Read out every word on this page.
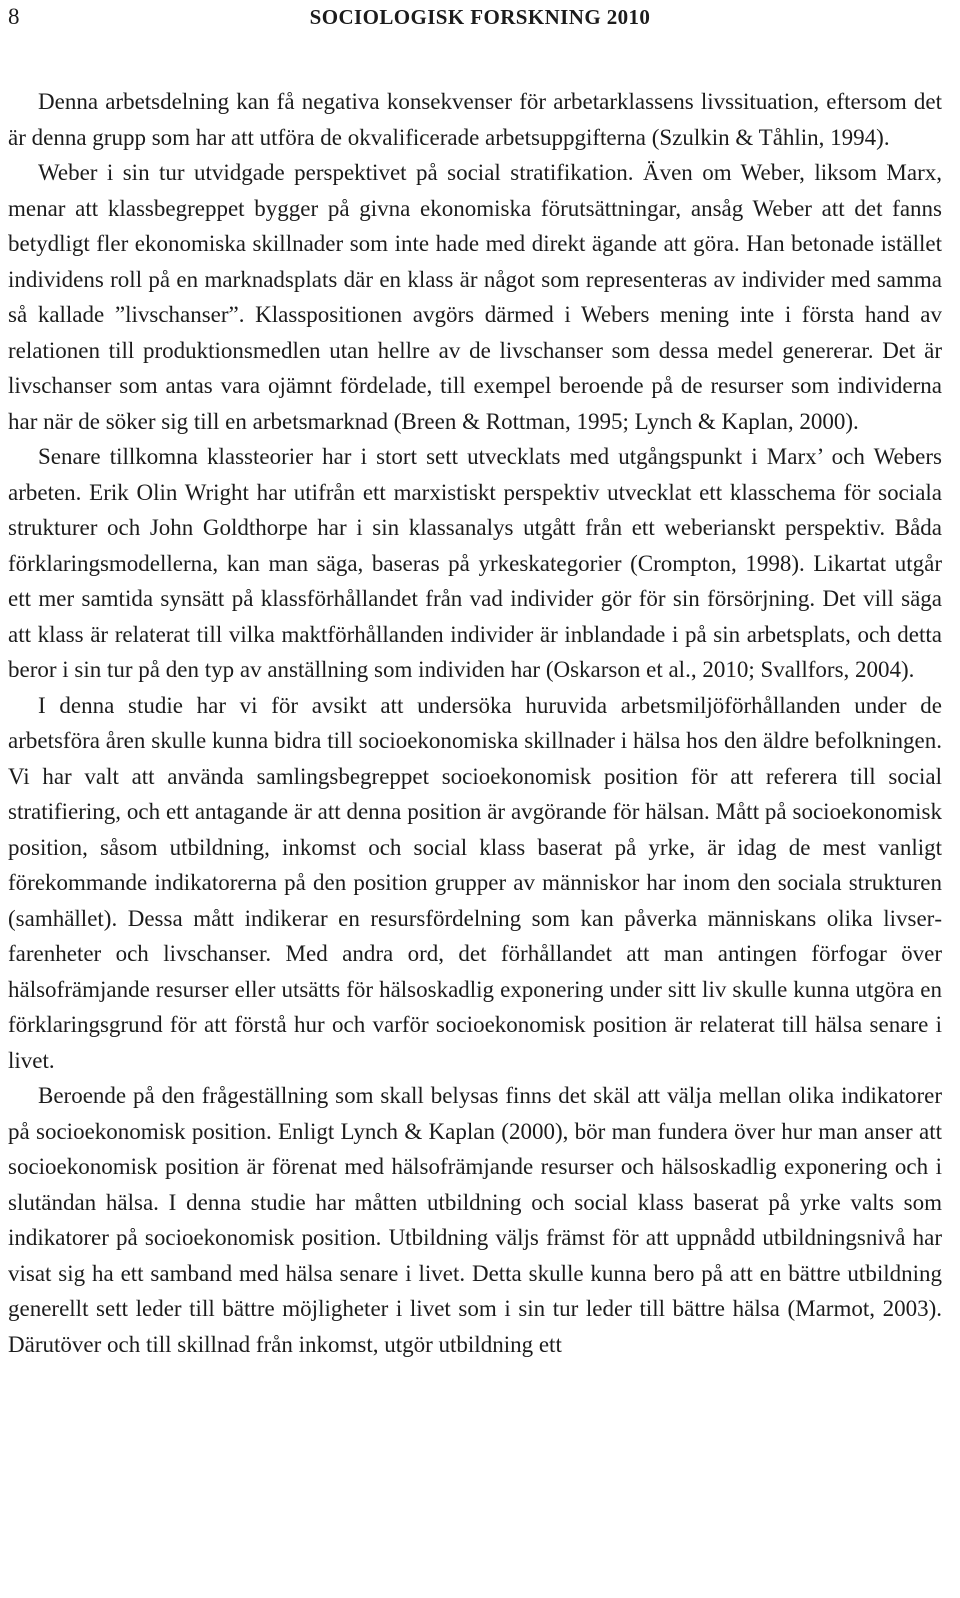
8	SOCIOLOGISK FORSKNING 2010

Denna arbetsdelning kan få negativa konsekvenser för arbetarklassens livssituation, eftersom det är denna grupp som har att utföra de okvalificerade arbetsuppgifterna (Szulkin & Tåhlin, 1994).

Weber i sin tur utvidgade perspektivet på social stratifikation. Även om Weber, liksom Marx, menar att klassbegreppet bygger på givna ekonomiska förutsättningar, ansåg Weber att det fanns betydligt fler ekonomiska skillnader som inte hade med direkt ägande att göra. Han betonade istället individens roll på en marknadsplats där en klass är något som representeras av individer med samma så kallade ”livschanser”. Klasspositionen avgörs därmed i Webers mening inte i första hand av relationen till produktionsmedlen utan hellre av de livschanser som dessa medel genererar. Det är livschanser som antas vara ojämnt fördelade, till exempel beroende på de resurser som individerna har när de söker sig till en arbetsmarknad (Breen & Rottman, 1995; Lynch & Kaplan, 2000).

Senare tillkomna klassteorier har i stort sett utvecklats med utgångspunkt i Marx’ och Webers arbeten. Erik Olin Wright har utifrån ett marxistiskt perspektiv utvecklat ett klasschema för sociala strukturer och John Goldthorpe har i sin klassanalys utgått från ett weberianskt perspektiv. Båda förklaringsmodellerna, kan man säga, baseras på yrkeskategorier (Crompton, 1998). Likartat utgår ett mer samtida synsätt på klassförhållandet från vad individer gör för sin försörjning. Det vill säga att klass är relaterat till vilka maktförhållanden individer är inblandade i på sin arbetsplats, och detta beror i sin tur på den typ av anställning som individen har (Oskarson et al., 2010; Svallfors, 2004).

I denna studie har vi för avsikt att undersöka huruvida arbetsmiljöförhållanden under de arbetsföra åren skulle kunna bidra till socioekonomiska skillnader i hälsa hos den äldre befolkningen. Vi har valt att använda samlingsbegreppet socioekonomisk position för att referera till social stratifiering, och ett antagande är att denna position är avgörande för hälsan. Mått på socioekonomisk position, såsom utbildning, inkomst och social klass baserat på yrke, är idag de mest vanligt förekommande indikatorerna på den position grupper av människor har inom den sociala strukturen (samhället). Dessa mått indikerar en resursfördelning som kan påverka människans olika livserfarenheter och livschanser. Med andra ord, det förhållandet att man antingen förfogar över hälsofrämjande resurser eller utsätts för hälsoskadlig exponering under sitt liv skulle kunna utgöra en förklaringsgrund för att förstå hur och varför socioekonomisk position är relaterat till hälsa senare i livet.

Beroende på den frågeställning som skall belysas finns det skäl att välja mellan olika indikatorer på socioekonomisk position. Enligt Lynch & Kaplan (2000), bör man fundera över hur man anser att socioekonomisk position är förenat med hälsofrämjande resurser och hälsoskadlig exponering och i slutändan hälsa. I denna studie har måtten utbildning och social klass baserat på yrke valts som indikatorer på socioekonomisk position. Utbildning väljs främst för att uppnådd utbildningsnivå har visat sig ha ett samband med hälsa senare i livet. Detta skulle kunna bero på att en bättre utbildning generellt sett leder till bättre möjligheter i livet som i sin tur leder till bättre hälsa (Marmot, 2003). Därutöver och till skillnad från inkomst, utgör utbildning ett
